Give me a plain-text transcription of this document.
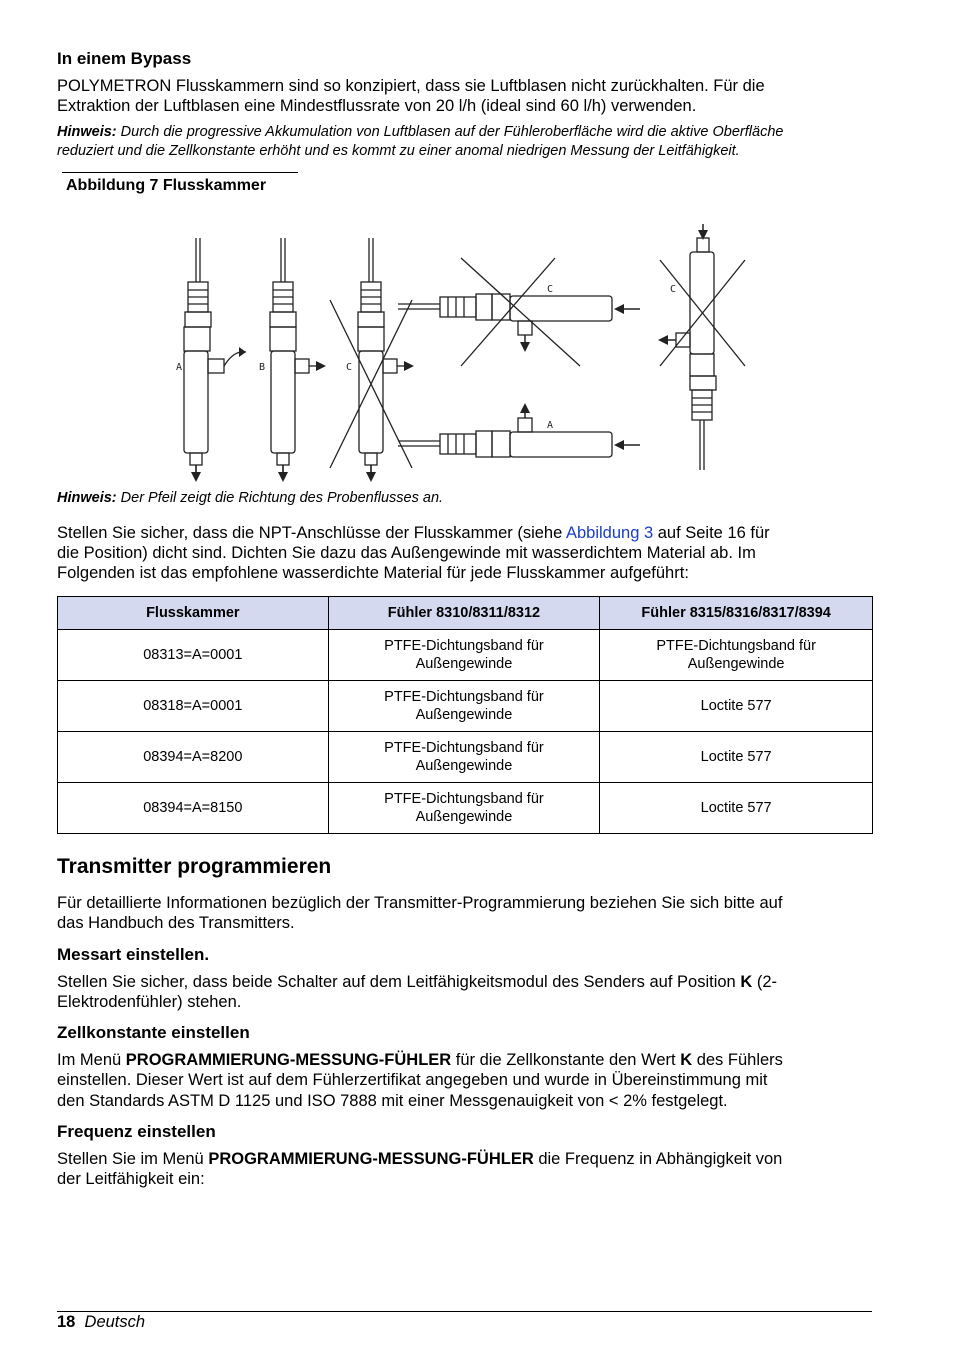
In einem Bypass
POLYMETRON Flusskammern sind so konzipiert, dass sie Luftblasen nicht zurückhalten. Für die
Extraktion der Luftblasen eine Mindestflussrate von 20 l/h (ideal sind 60 l/h) verwenden.
Hinweis: Durch die progressive Akkumulation von Luftblasen auf der Fühleroberfläche wird die aktive Oberfläche
reduziert und die Zellkonstante erhöht und es kommt zu einer anomal niedrigen Messung der Leitfähigkeit.
Abbildung 7 Flusskammer
A	B	C
C
A
C
Hinweis: Der Pfeil zeigt die Richtung des Probenflusses an.
Stellen Sie sicher, dass die NPT-Anschlüsse der Flusskammer (siehe Abbildung 3 auf Seite 16 für
die Position) dicht sind. Dichten Sie dazu das Außengewinde mit wasserdichtem Material ab. Im
Folgenden ist das empfohlene wasserdichte Material für jede Flusskammer aufgeführt:
Flusskammer	Fühler 8310/8311/8312	Fühler 8315/8316/8317/8394
08313=A=0001	PTFE-Dichtungsband für
Außengewinde	PTFE-Dichtungsband für
Außengewinde
08318=A=0001	PTFE-Dichtungsband für
Außengewinde	Loctite 577
08394=A=8200	PTFE-Dichtungsband für
Außengewinde	Loctite 577
08394=A=8150	PTFE-Dichtungsband für
Außengewinde	Loctite 577
Transmitter programmieren
Für detaillierte Informationen bezüglich der Transmitter-Programmierung beziehen Sie sich bitte auf
das Handbuch des Transmitters.
Messart einstellen.
Stellen Sie sicher, dass beide Schalter auf dem Leitfähigkeitsmodul des Senders auf Position K (2-
Elektrodenfühler) stehen.
Zellkonstante einstellen
Im Menü PROGRAMMIERUNG-MESSUNG-FÜHLER für die Zellkonstante den Wert K des Fühlers
einstellen. Dieser Wert ist auf dem Fühlerzertifikat angegeben und wurde in Übereinstimmung mit
den Standards ASTM D 1125 und ISO 7888 mit einer Messgenauigkeit von < 2% festgelegt.
Frequenz einstellen
Stellen Sie im Menü PROGRAMMIERUNG-MESSUNG-FÜHLER die Frequenz in Abhängigkeit von
der Leitfähigkeit ein:
18 Deutsch
